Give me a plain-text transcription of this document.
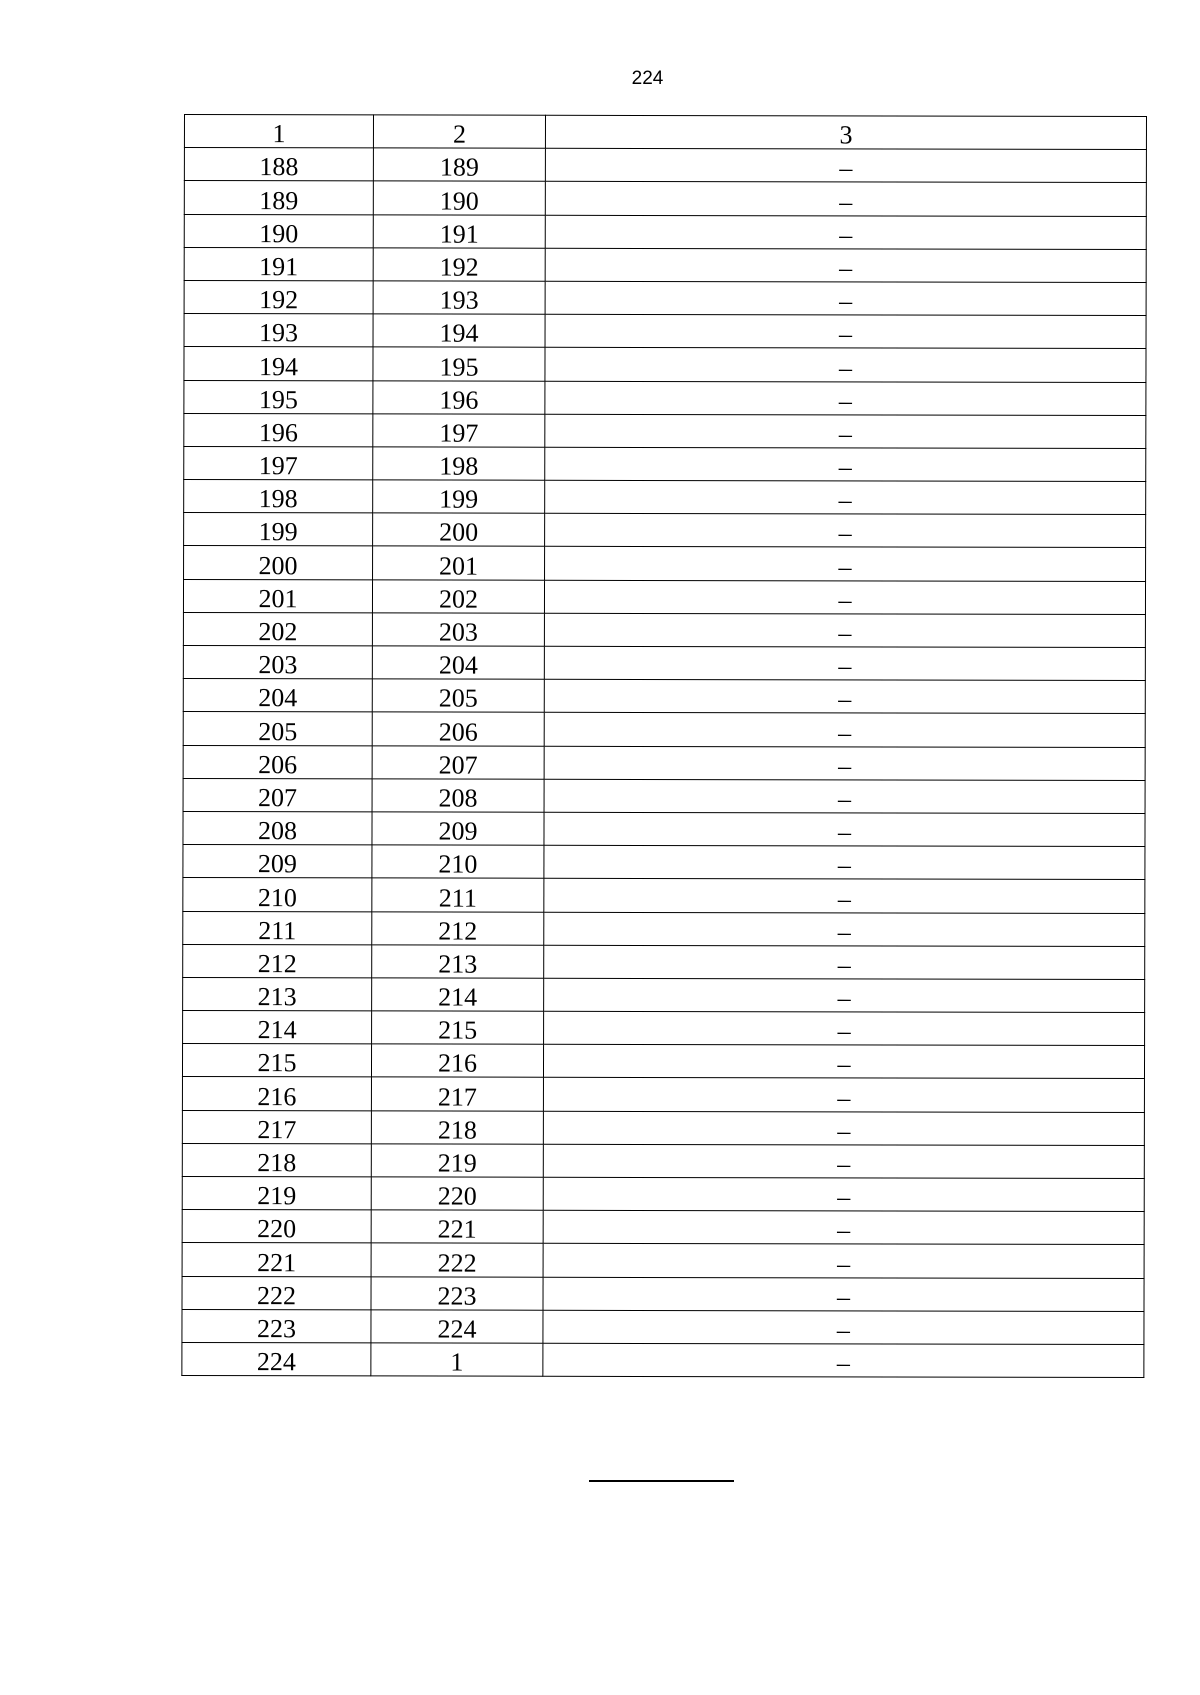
224
1	2	3
188	189	–
189	190	–
190	191	–
191	192	–
192	193	–
193	194	–
194	195	–
195	196	–
196	197	–
197	198	–
198	199	–
199	200	–
200	201	–
201	202	–
202	203	–
203	204	–
204	205	–
205	206	–
206	207	–
207	208	–
208	209	–
209	210	–
210	211	–
211	212	–
212	213	–
213	214	–
214	215	–
215	216	–
216	217	–
217	218	–
218	219	–
219	220	–
220	221	–
221	222	–
222	223	–
223	224	–
224	1	–
